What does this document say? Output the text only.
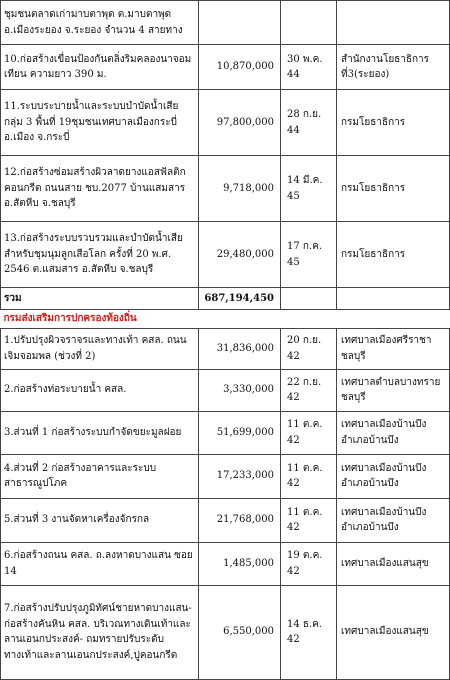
ชุมชนตลาดเก่ามาบตาพุด ต.มาบตาพุด อ.เมืองระยอง จ.ระยอง จำนวน 4 สายทาง			
10.ก่อสร้างเขื่อนป้องกันตลิ่งริมคลองนาจอมเทียน ความยาว 390 ม.	10,870,000	30 พ.ค. 44	สำนักงานโยธาธิการที่3(ระยอง)
11.ระบบระบายน้ำและระบบบำบัดน้ำเสีย กลุ่ม 3 พื้นที่ 19ชุมชนเทศบาลเมืองกระบี่ อ.เมือง จ.กระบี่	97,800,000	28 ก.ย. 44	กรมโยธาธิการ
12.ก่อสร้างซ่อมสร้างผิวลาดยางแอสฟัลติกคอนกรีต ถนนสาย ชบ.2077 บ้านแสมสาร อ.สัตหีบ จ.ชลบุรี	9,718,000	14 มี.ค. 45	กรมโยธาธิการ
13.ก่อสร้างระบบรวบรวมและบำบัดน้ำเสียสำหรับชุมนุมลูกเสือโลก ครั้งที่ 20 พ.ศ. 2546 ต.แสมสาร อ.สัตหีบ จ.ชลบุรี	29,480,000	17 ก.ค. 45	กรมโยธาธิการ
รวม	687,194,450		
กรมส่งเสริมการปกครองท้องถิ่น			
1.ปรับปรุงผิวจราจรและทางเท้า คสล. ถนนเจิมจอมพล (ช่วงที่ 2)	31,836,000	20 ก.ย. 42	เทศบาลเมืองศรีราชา ชลบุรี
2.ก่อสร้างท่อระบายน้ำ คสล.	3,330,000	22 ก.ย. 42	เทศบาลตำบลบางทราย ชลบุรี
3.ส่วนที่ 1 ก่อสร้างระบบกำจัดขยะมูลฝอย	51,699,000	11 ต.ค. 42	เทศบาลเมืองบ้านบึง อำเภอบ้านบึง
4.ส่วนที่ 2 ก่อสร้างอาคารและระบบสาธารณูปโภค	17,233,000	11 ต.ค. 42	เทศบาลเมืองบ้านบึง อำเภอบ้านบึง
5.ส่วนที่ 3 งานจัดหาเครื่องจักรกล	21,768,000	11 ต.ค. 42	เทศบาลเมืองบ้านบึง อำเภอบ้านบึง
6.ก่อสร้างถนน คสล. ถ.ลงหาดบางแสน ซอย 14	1,485,000	19 ต.ค. 42	เทศบาลเมืองแสนสุข
7.ก่อสร้างปรับปรุงภูมิทัศน์ชายหาดบางแสน- ก่อสร้างคันหิน คสล. บริเวณทางเดินเท้าและลานเอนกประสงค์- ถมทรายปรับระดับทางเท้าและลานเอนกประสงค์,ปูคอนกรีต	6,550,000	14 ธ.ค. 42	เทศบาลเมืองแสนสุข
